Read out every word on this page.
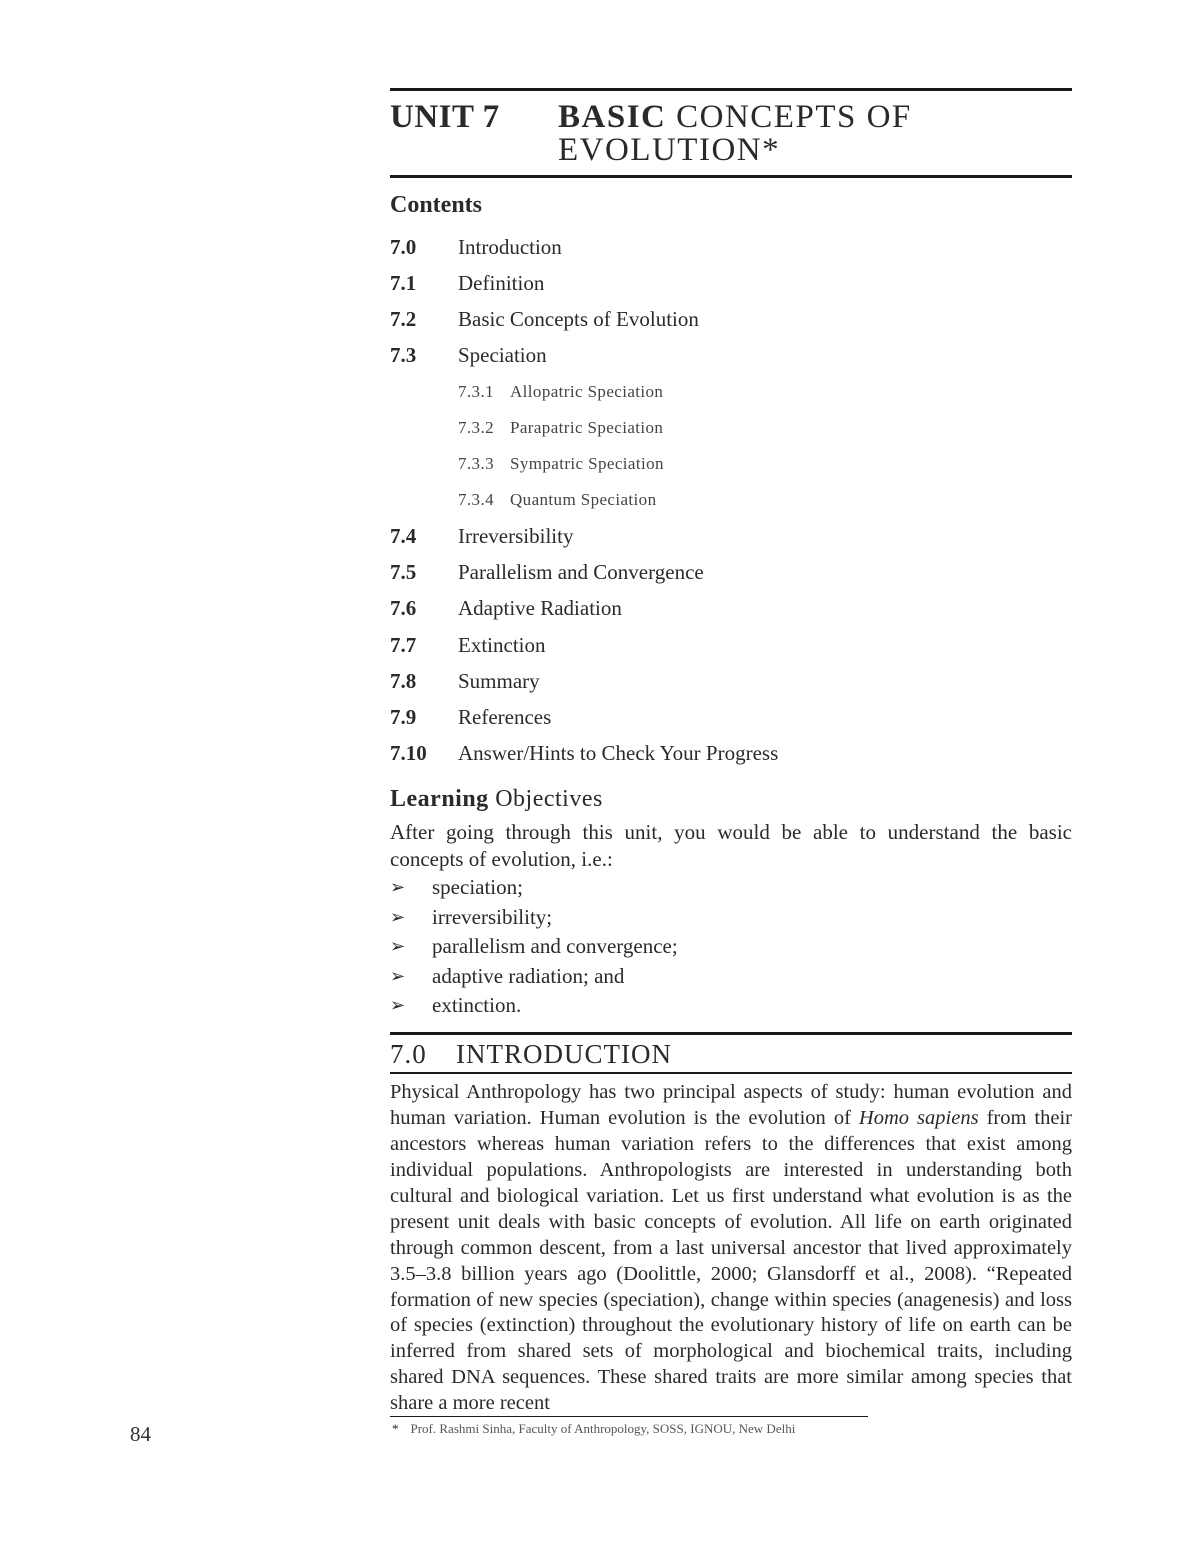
UNIT 7	BASIC CONCEPTS OF
EVOLUTION*
Contents
7.0	Introduction
7.1	Definition
7.2	Basic Concepts of Evolution
7.3	Speciation
7.3.1 Allopatric Speciation
7.3.2 Parapatric Speciation
7.3.3 Sympatric Speciation
7.3.4 Quantum Speciation
7.4	Irreversibility
7.5	Parallelism and Convergence
7.6	Adaptive Radiation
7.7	Extinction
7.8	Summary
7.9	References
7.10	Answer/Hints to Check Your Progress
Learning Objectives

After going through this unit, you would be able to understand the basic concepts of evolution, i.e.:

➢	speciation;
➢	irreversibility;
➢	parallelism and convergence;
➢	adaptive radiation; and
➢	extinction.
7.0	INTRODUCTION

Physical Anthropology has two principal aspects of study: human evolution and human variation. Human evolution is the evolution of Homo sapiens from their ancestors whereas human variation refers to the differences that exist among individual populations. Anthropologists are interested in understanding both cultural and biological variation. Let us first understand what evolution is as the present unit deals with basic concepts of evolution. All life on earth originated through common descent, from a last universal ancestor that lived approximately 3.5–3.8 billion years ago (Doolittle, 2000; Glansdorff et al., 2008). “Repeated formation of new species (speciation), change within species (anagenesis) and loss of species (extinction) throughout the evolutionary history of life on earth can be inferred from shared sets of morphological and biochemical traits, including shared DNA sequences. These shared traits are more similar among species that share a more recent

* Prof. Rashmi Sinha, Faculty of Anthropology, SOSS, IGNOU, New Delhi
84
